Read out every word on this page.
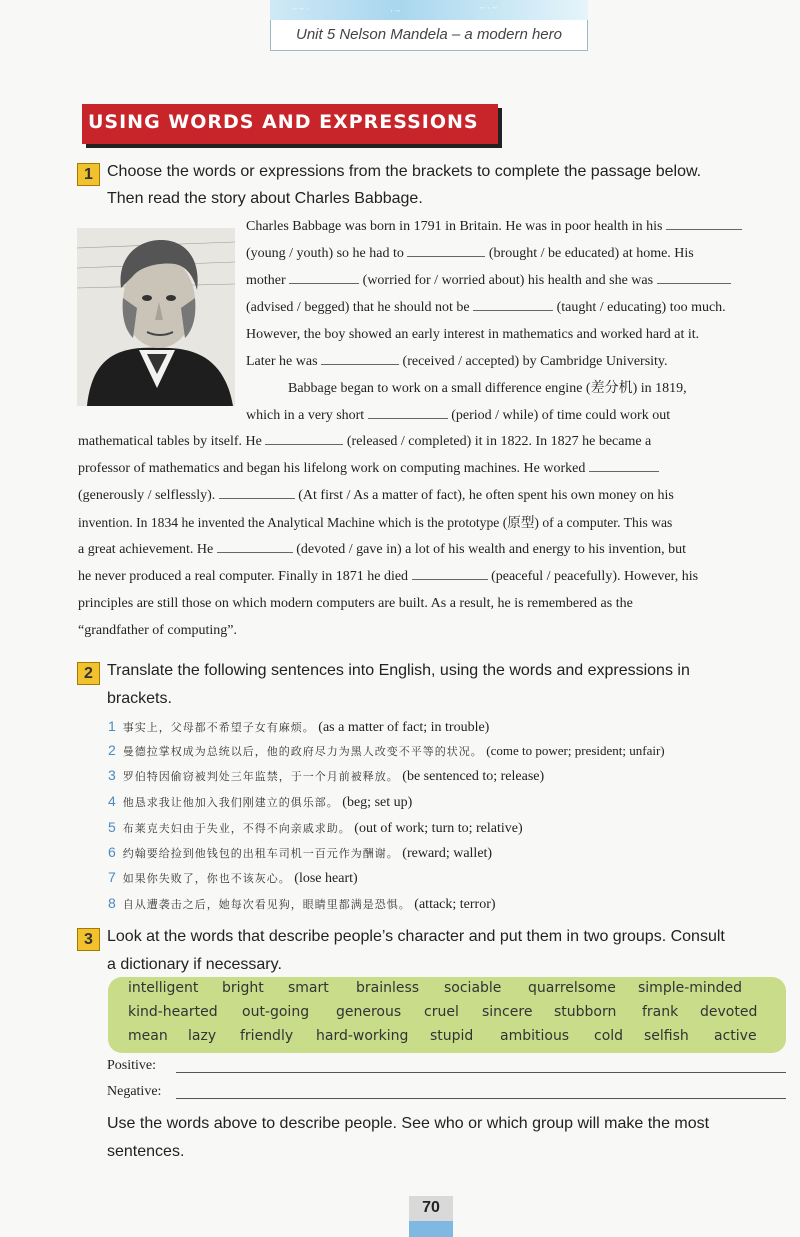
~ ~ ·	· ~	~ · ~
Unit 5 Nelson Mandela – a modern hero
USING WORDS AND EXPRESSIONS
1 Choose the words or expressions from the brackets to complete the passage below.
Then read the story about Charles Babbage.
Charles Babbage was born in 1791 in Britain. He was in poor health in his
(young / youth) so he had to	(brought / be educated) at home. His
mother	(worried for / worried about) his health and she was
(advised / begged) that he should not be	(taught / educating) too much.
However, the boy showed an early interest in mathematics and worked hard at it.
Later he was	(received / accepted) by Cambridge University.
Babbage began to work on a small difference engine (差分机) in 1819,
which in a very short	(period / while) of time could work out
mathematical tables by itself. He	(released / completed) it in 1822. In 1827 he became a
professor of mathematics and began his lifelong work on computing machines. He worked
(generously / selflessly).	(At first / As a matter of fact), he often spent his own money on his
invention. In 1834 he invented the Analytical Machine which is the prototype (原型) of a computer. This was
a great achievement. He	(devoted / gave in) a lot of his wealth and energy to his invention, but
he never produced a real computer. Finally in 1871 he died	(peaceful / peacefully). However, his
principles are still those on which modern computers are built. As a result, he is remembered as the
“grandfather of computing”.
2 Translate the following sentences into English, using the words and expressions in
brackets.
1 事实上，父母都不希望子女有麻烦。 (as a matter of fact; in trouble)
2 曼德拉掌权成为总统以后，他的政府尽力为黑人改变不平等的状况。 (come to power; president; unfair)
3 罗伯特因偷窃被判处三年监禁，于一个月前被释放。 (be sentenced to; release)
4 他恳求我让他加入我们刚建立的俱乐部。 (beg; set up)
5 布莱克夫妇由于失业，不得不向亲戚求助。 (out of work; turn to; relative)
6 约翰要给捡到他钱包的出租车司机一百元作为酬谢。 (reward; wallet)
7 如果你失败了，你也不该灰心。 (lose heart)
8 自从遭袭击之后，她每次看见狗，眼睛里都满是恐惧。 (attack; terror)
3 Look at the words that describe people’s character and put them in two groups. Consult
a dictionary if necessary.
intelligent bright smart brainless sociable quarrelsome simple-minded
kind-hearted out-going generous cruel sincere stubborn frank devoted
mean lazy friendly hard-working stupid ambitious cold selfish active
Positive:
Negative:
Use the words above to describe people. See who or which group will make the most
sentences.
70
